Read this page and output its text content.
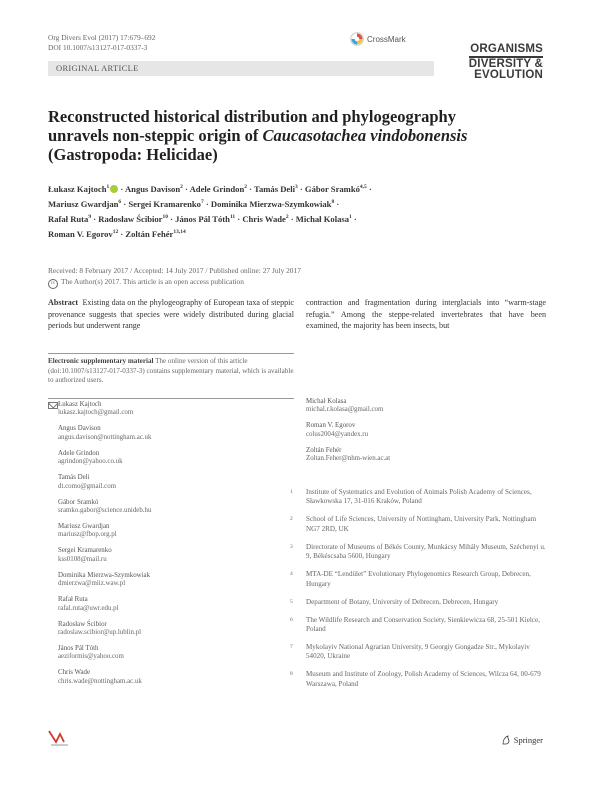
Org Divers Evol (2017) 17:679–692
DOI 10.1007/s13127-017-0337-3
CrossMark
ORGANISMS
DIVERSITY &
EVOLUTION
ORIGINAL ARTICLE
Reconstructed historical distribution and phylogeography
unravels non-steppic origin of Caucasotachea vindobonensis
(Gastropoda: Helicidae)
Łukasz Kajtoch$^1$ · Angus Davison$^2$ · Adele Grindon$^2$ · Tamás Deli$^3$ · Gábor Sramkó$^{4,5}$ ·
Mariusz Gwardjan$^6$ · Sergei Kramarenko$^7$ · Dominika Mierzwa-Szymkowiak$^8$ ·
Rafał Ruta$^9$ · Radosław Ścibior$^{10}$ · János Pál Tóth$^{11}$ · Chris Wade$^2$ · Michał Kolasa$^1$ ·
Roman V. Egorov$^{12}$ · Zoltán Fehér$^{13,14}$
Received: 8 February 2017 / Accepted: 14 July 2017 / Published online: 27 July 2017
cc The Author(s) 2017. This article is an open access publication
Abstract Existing data on the phylogeography of European taxa of steppic provenance suggests that species were widely distributed during glacial periods but underwent range
contraction and fragmentation during interglacials into “warm-stage refugia.” Among the steppe-related invertebrates that have been examined, the majority has been insects, but
Electronic supplementary material The online version of this article (doi:10.1007/s13127-017-0337-3) contains supplementary material, which is available to authorized users.
Łukasz Kajtoch
lukasz.kajtoch@gmail.com
Angus Davison
angus.davison@nottingham.ac.uk
Adele Grindon
agrindon@yahoo.co.uk
Tamás Deli
dt.como@gmail.com
Gábor Sramkó
sramko.gabor@science.unideb.hu
Mariusz Gwardjan
mariusz@fbop.org.pl
Sergei Kramarenko
kss0108@mail.ru
Dominika Mierzwa-Szymkowiak
dmierzwa@miiz.waw.pl
Rafał Ruta
rafal.ruta@uwr.edu.pl
Radosław Ścibior
radoslaw.scibior@up.lublin.pl
János Pál Tóth
aeziformis@yahoo.com
Chris Wade
chris.wade@nottingham.ac.uk
Michał Kolasa
michal.r.kolasa@gmail.com
Roman V. Egorov
colus2004@yandex.ru
Zoltán Fehér
Zoltan.Feher@nhm-wien.ac.at
1	Institute of Systematics and Evolution of Animals Polish Academy of Sciences, Sławkowska 17, 31-016 Kraków, Poland
2	School of Life Sciences, University of Nottingham, University Park, Nottingham NG7 2RD, UK
3	Directorate of Museums of Békés County, Munkácsy Mihály Museum, Széchenyi u. 9, Békéscsaba 5600, Hungary
4	MTA-DE “Lendület” Evolutionary Phylogenomics Research Group, Debrecen, Hungary
5	Department of Botany, University of Debrecen, Debrecen, Hungary
6	The Wildlife Research and Conservation Society, Sienkiewicza 68, 25-501 Kielce, Poland
7	Mykolayiv National Agrarian University, 9 Georgiy Gongadze Str., Mykolayiv 54020, Ukraine
8	Museum and Institute of Zoology, Polish Academy of Sciences, Wilcza 64, 00-679 Warszawa, Poland
Springer
